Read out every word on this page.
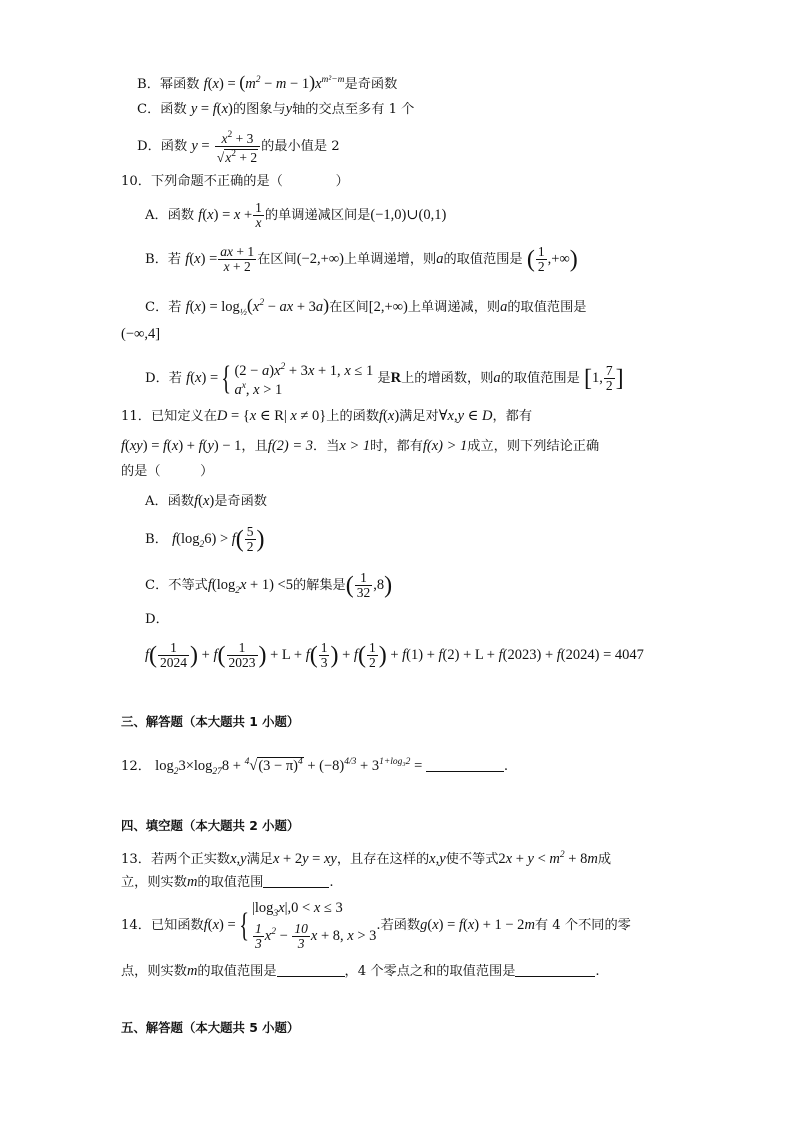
B．幂函数 $f(x) = (m^2 - m - 1)x^{m^2-m}$是奇函数
C．函数 y = f(x)的图象与y轴的交点至多有 1 个
D．函数 $y = \frac{x^2 + 3}{√x^2 + 2}$ 的最小值是 2
10．下列命题不正确的是（　　　　）
A．函数 $f(x) = x + \frac{1}{x}$ 的单调递减区间是(−1,0)∪(0,1)
B．若 $f(x) = \frac{ax + 1}{x + 2}$ 在区间(−2,+∞)上单调递增，则a的取值范围是 ( $\frac{1}{2}$ ,+∞)
C．若 $f(x) = \log_{\frac{1}{2}}(x^2$ − ax + 3a)在区间[2,+∞)上单调递减，则a的取值范围是
(−∞,4]
D．若 f(x) ={ $(2 - a)x^2 + 3x + 1$, x ≤ 1
$a^x$, x > 1
是R上的增函数，则a的取值范围是 [1, $\frac{7}{2}$ ]
11．已知定义在D = {x ∈ R| x ≠ 0}上的函数f(x)满足对∀x,y ∈ D，都有
f(xy) = f(x) + f(y) − 1，且f(2) = 3．当x > 1时，都有f(x) > 1成立，则下列结论正确
的是（　　　）
A．函数f(x)是奇函数
B． $f(\log_26) > f( \frac{5}{2}$ )
C．不等式$f(\log_2x + 1) <5$的解集是( $\frac{1}{32} ,8$)
D．
$f( \frac{1}{2024}$ ) + $f( \frac{1}{2023}$ ) + $L + f( \frac{1}{3}$ ) + $f( \frac{1}{2}$ ) + f(1) + f(2) + L + f(2023) + f(2024) = 4047
三、解答题（本大题共 1 小题）
12． $\log_23\times\log_{27}8 + ^4√(3 - \pi)^4 + (-8)^{4/3} + 3^{1+log_32}$ =	.
四、填空题（本大题共 2 小题）
13．若两个正实数x,y满足x + 2y = xy，且存在这样的x,y使不等式$2x + y < m^2 + 8m$成
立，则实数m的取值范围	.
14．已知函数f(x) ={ $|\log_3x|,0 < x \le 3$
$\frac{1}{3} x^2 - \frac{10}{3}$ x + 8, x > 3
.若函数g(x) = f(x) + 1 − 2m有 4 个不同的零
点，则实数m的取值范围是	，4 个零点之和的取值范围是	.
五、解答题（本大题共 5 小题）
